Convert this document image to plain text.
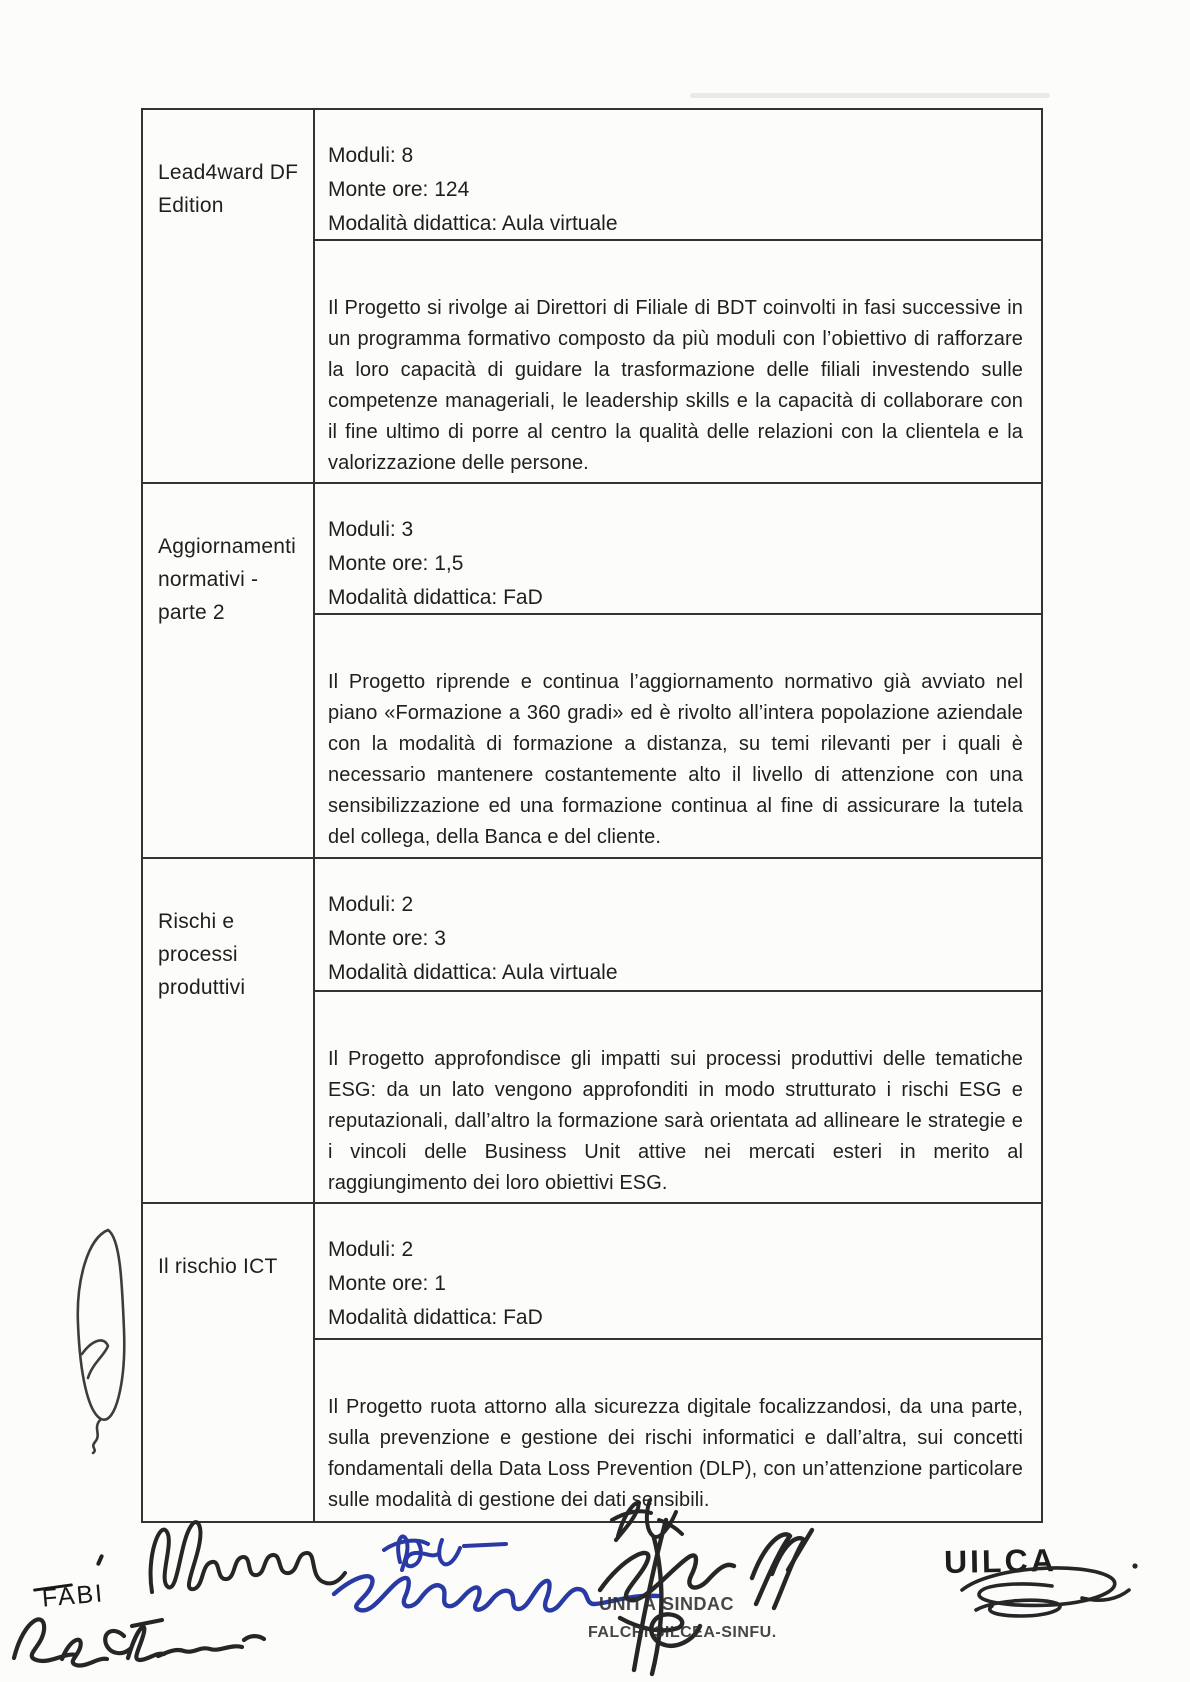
Lead4ward DF Edition
Moduli: 8
Monte ore: 124
Modalità didattica: Aula virtuale
Il Progetto si rivolge ai Direttori di Filiale di BDT coinvolti in fasi successive in un programma formativo composto da più moduli con l’obiettivo di rafforzare la loro capacità di guidare la trasformazione delle filiali investendo sulle competenze manageriali, le leadership skills e la capacità di collaborare con il fine ultimo di porre al centro la qualità delle relazioni con la clientela e la valorizzazione delle persone.
Aggiornamenti normativi - parte 2
Moduli: 3
Monte ore: 1,5
Modalità didattica: FaD
Il Progetto riprende e continua l’aggiornamento normativo già avviato nel piano «Formazione a 360 gradi» ed è rivolto all’intera popolazione aziendale con la modalità di formazione a distanza, su temi rilevanti per i quali è necessario mantenere costantemente alto il livello di attenzione con una sensibilizzazione ed una formazione continua al fine di assicurare la tutela del collega, della Banca e del cliente.
Rischi e processi produttivi
Moduli: 2
Monte ore: 3
Modalità didattica: Aula virtuale
Il Progetto approfondisce gli impatti sui processi produttivi delle tematiche ESG: da un lato vengono approfonditi in modo strutturato i rischi ESG e reputazionali, dall’altro la formazione sarà orientata ad allineare le strategie e i vincoli delle Business Unit attive nei mercati esteri in merito al raggiungimento dei loro obiettivi ESG.
Il rischio ICT
Moduli: 2
Monte ore: 1
Modalità didattica: FaD
Il Progetto ruota attorno alla sicurezza digitale focalizzandosi, da una parte, sulla prevenzione e gestione dei rischi informatici e dall’altra, sui concetti fondamentali della Data Loss Prevention (DLP), con un’attenzione particolare sulle modalità di gestione dei dati sensibili.
FABI	UNITÀ SINDAC
FALCRI SILCEA-SINFU.
UILCA
